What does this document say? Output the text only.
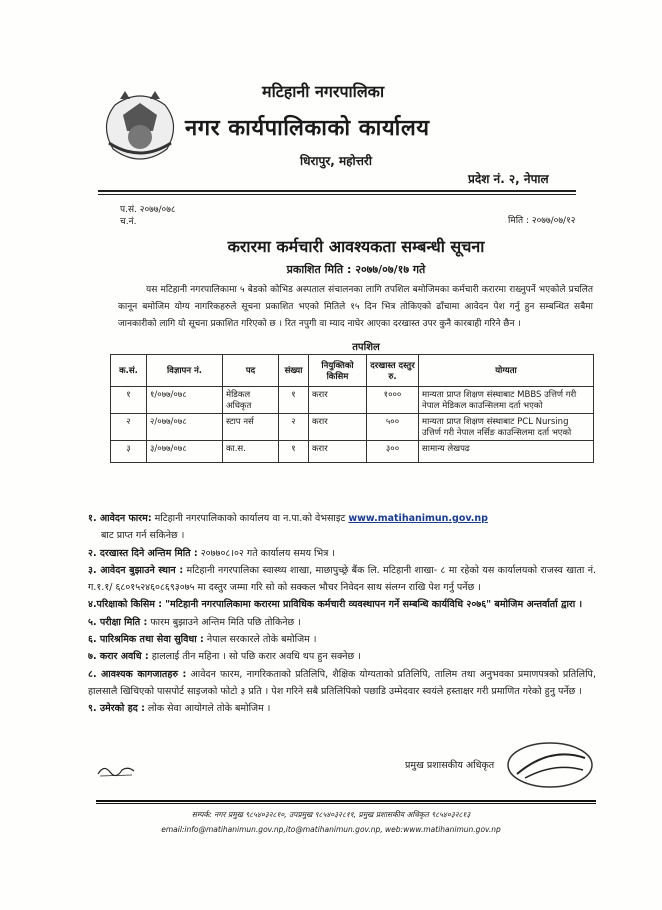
मटिहानी नगरपालिका
नगर कार्यपालिकाको कार्यालय
धिरापुर, महोत्तरी
प्रदेश नं. २, नेपाल
प.सं. २०७७/०७८
च.नं.	मिति : २०७७/०७/१२
करारमा कर्मचारी आवश्यकता सम्बन्धी सूचना
प्रकाशित मिति : २०७७/०७/१७ गते
यस मटिहानी नगरपालिकामा ५ बेडको कोभिड अस्पताल संचालनका लागि तपशिल बमोजिमका कर्मचारी करारमा राख्नुपर्ने भएकोले प्रचलित कानून बमोजिम योग्य नागरिकहरुले सूचना प्रकाशित भएको मितिले १५ दिन भित्र तोकिएको ढाँचामा आवेदन पेश गर्नु हुन सम्बन्धित सबैमा जानकारीको लागि यो सूचना प्रकाशित गरिएको छ । रित नपुगी वा म्याद नाघेर आएका दरखास्त उपर कुनै कारबाही गरिने छैन ।
तपशिल
क.सं.	विज्ञापन नं.	पद	संख्या	नियुक्तिको किसिम	दरखास्त दस्तुर रु.	योग्यता
१	१/०७७/०७८	मेडिकल अधिकृत	१	करार	१०००	मान्यता प्राप्त शिक्षण संस्थाबाट MBBS उत्तिर्ण गरी नेपाल मेडिकल काउन्सिलमा दर्ता भएको
२	२/०७७/०७८	स्टाप नर्स	२	करार	५००	मान्यता प्राप्त शिक्षण संस्थाबाट PCL Nursing उत्तिर्ण गरी नेपाल नर्सिङ काउन्सिलमा दर्ता भएको
३	३/०७७/०७८	का.स.	१	करार	३००	सामान्य लेखपढ
१. आवेदन फारम: मटिहानी नगरपालिकाको कार्यालय वा न.पा.को वेभसाइट www.matihanimun.gov.np
बाट प्राप्त गर्न सकिनेछ ।
२. दरखास्त दिने अन्तिम मिति : २०७७०८।०२ गते कार्यालय समय भित्र ।
३. आवेदन बुझाउने स्थान : मटिहानी नगरपालिका स्वास्थ्य शाखा, माछापुच्छ्रे बैंक लि. मटिहानी शाखा- ८ मा रहेको यस कार्यालयको राजस्व खाता नं. ग.१.१/ ६८०१५२४६०८६९३०७५ मा दस्तुर जम्मा गरि सो को सक्कल भौचर निवेदन साथ संलग्न राखि पेश गर्नु पर्नेछ ।
४.परिक्षाको किसिम : "मटिहानी नगरपालिकामा करारमा प्राविधिक कर्मचारी व्यवस्थापन गर्ने सम्बन्धि कार्यविधि २०७६" बमोजिम अन्तर्वार्ता द्वारा ।
५. परीक्षा मिति : फारम बुझाउने अन्तिम मिति पछि तोकिनेछ ।
६. पारिश्रमिक तथा सेवा सुविधा : नेपाल सरकारले तोके बमोजिम ।
७. करार अवधि : हाललाई तीन महिना । सो पछि करार अवधि थप हुन सक्नेछ ।
८. आवश्यक कागजातहरु : आवेदन फारम, नागरिकताको प्रतिलिपि, शैक्षिक योग्यताको प्रतिलिपि, तालिम तथा अनुभवका प्रमाणपत्रको प्रतिलिपि, हालसालै खिचिएको पासपोर्ट साइजको फोटो ३ प्रति । पेश गरिने सबै प्रतिलिपिको पछाडि उम्मेदवार स्वयंले हस्ताक्षर गरी प्रमाणित गरेको हुनु पर्नेछ ।
९. उमेरको हद : लोक सेवा आयोगले तोके बमोजिम ।
प्रमुख प्रशासकीय अधिकृत
सम्पर्क: नगर प्रमुख ९८५४०३२८१०, उपप्रमुख ९८५४०३२८११, प्रमुख प्रशासकीय अधिकृत ९८५४०३२८१३
email:info@matihanimun.gov.np,ito@matihanimun.gov.np, web:www.matihanimun.gov.np
